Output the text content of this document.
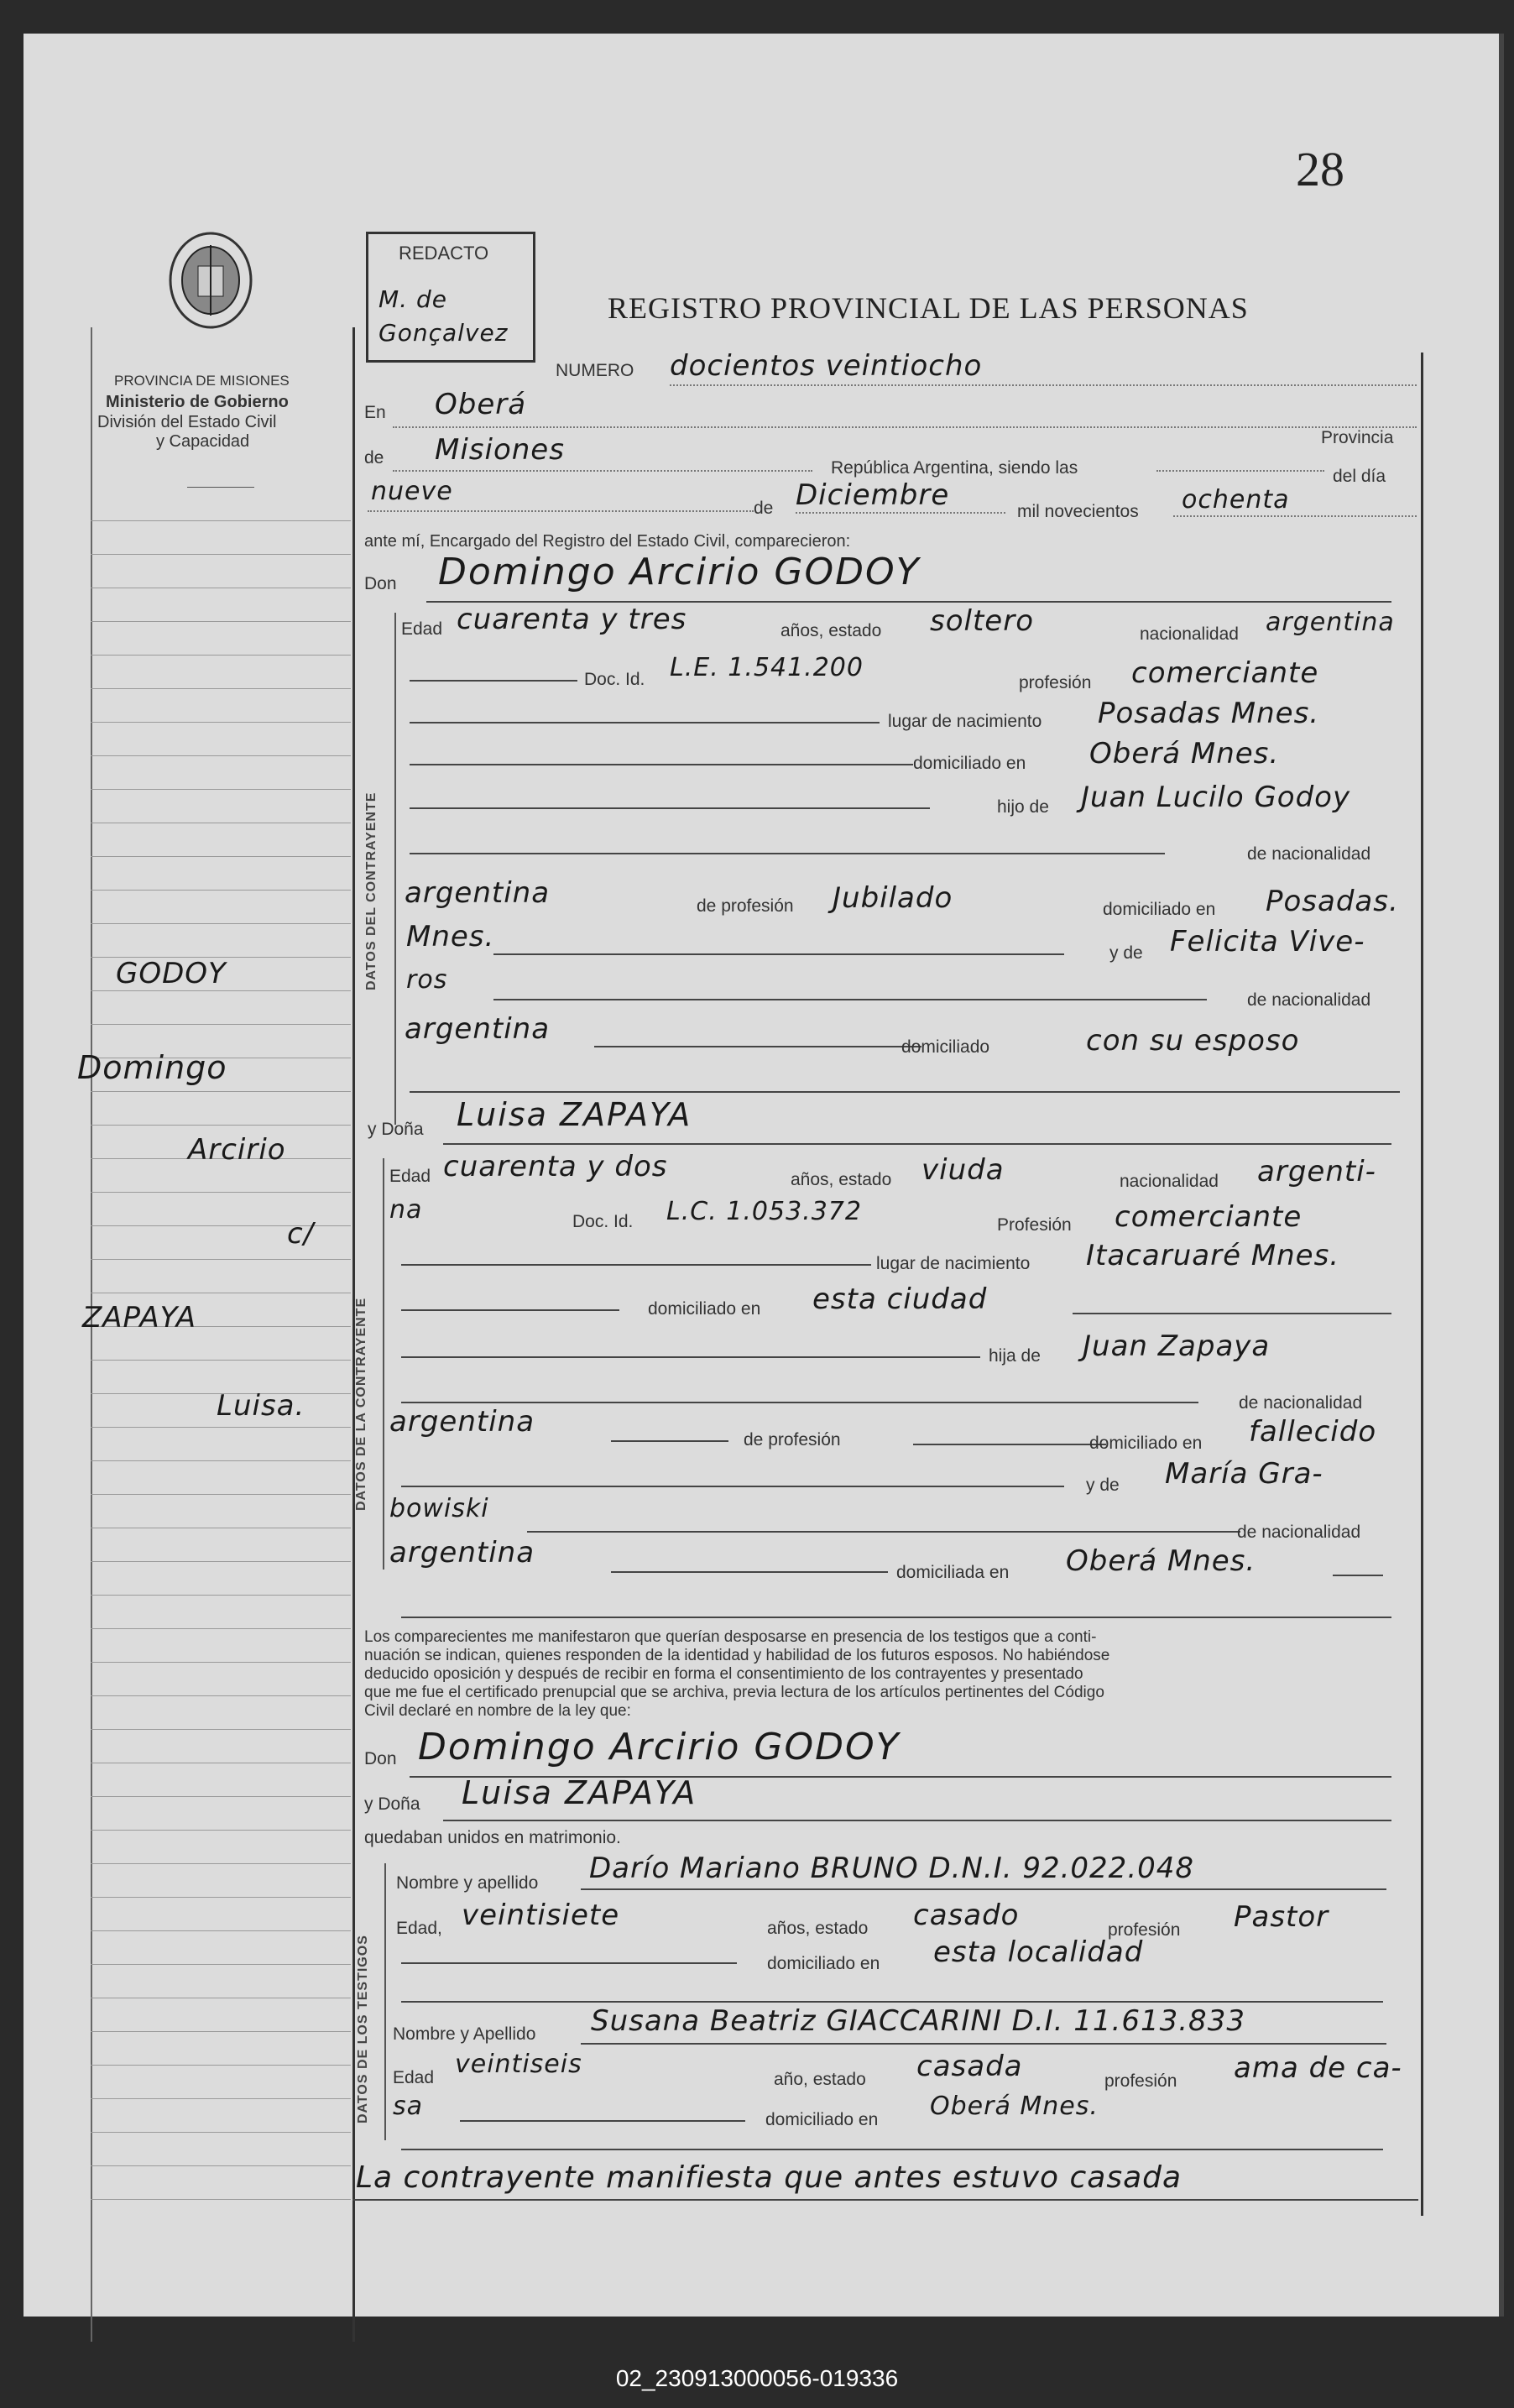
28
PROVINCIA DE MISIONES
Ministerio de Gobierno
División del Estado Civil
y Capacidad
REDACTO
M. de Gonçalvez
REGISTRO PROVINCIAL DE LAS PERSONAS
GODOY
Domingo
Arcirio
c/
ZAPAYA
Luisa.
NUMERO docientos veintiocho
En Oberá
Provincia
de Misiones
República Argentina, siendo las	del día
nueve
de Diciembre	mil novecientos ochenta
ante mí, Encargado del Registro del Estado Civil, comparecieron:
Don Domingo Arcirio GODOY
DATOS DEL CONTRAYENTE
Edad cuarenta y tres	años, estado soltero	nacionalidad argentina
Doc. Id. L.E. 1.541.200
profesión comerciante
lugar de nacimiento Posadas Mnes.
domiciliado en Oberá Mnes.
hijo de Juan Lucilo Godoy
de nacionalidad
argentina	de profesión Jubilado	domiciliado en Posadas.
Mnes.	y de Felicita Vive-
ros
de nacionalidad
argentina
domiciliado	con su esposo
y Doña Luisa ZAPAYA
DATOS DE LA CONTRAYENTE
Edad cuarenta y dos	años, estado viuda	nacionalidad argenti-
na	Doc. Id. L.C. 1.053.372	Profesión comerciante
lugar de nacimiento Itacaruaré Mnes.
domiciliado en esta ciudad
hija de Juan Zapaya
de nacionalidad
argentina
de profesión	domiciliado en fallecido
y de María Gra-
bowiski
de nacionalidad
argentina
domiciliada en Oberá Mnes.
Los comparecientes me manifestaron que querían desposarse en presencia de los testigos que a conti-
nuación se indican, quienes responden de la identidad y habilidad de los futuros esposos. No habiéndose
deducido oposición y después de recibir en forma el consentimiento de los contrayentes y presentado
que me fue el certificado prenupcial que se archiva, previa lectura de los artículos pertinentes del Código
Civil declaré en nombre de la ley que:
Don Domingo Arcirio GODOY
y Doña Luisa ZAPAYA
quedaban unidos en matrimonio.
DATOS DE LOS TESTIGOS
Nombre y apellido Darío Mariano BRUNO D.N.I. 92.022.048
Edad, veintisiete	años, estado casado	profesión Pastor
domiciliado en esta localidad
Nombre y Apellido Susana Beatriz GIACCARINI D.I. 11.613.833
Edad veintiseis
año, estado casada	profesión ama de ca-
sa	domiciliado en Oberá Mnes.
La contrayente manifiesta que antes estuvo casada
02_230913000056-019336
